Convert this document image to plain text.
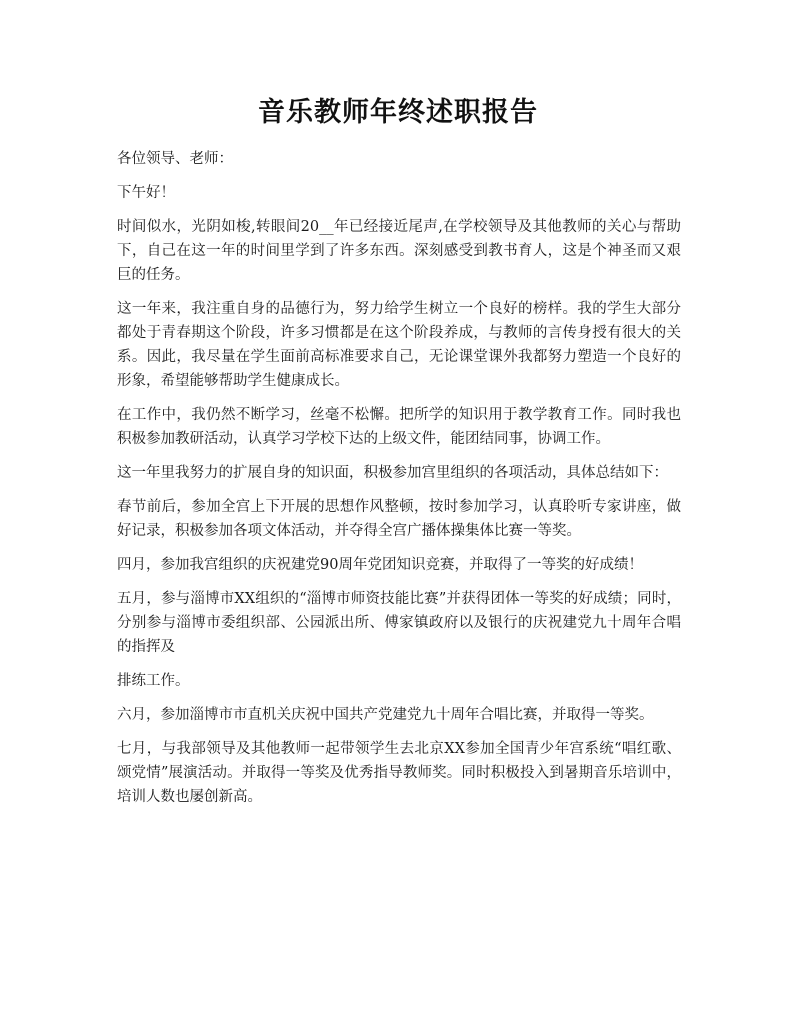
音乐教师年终述职报告

各位领导、老师：

下午好！

时间似水，光阴如梭,转眼间20__年已经接近尾声,在学校领导及其他教师的关心与帮助下，自己在这一年的时间里学到了许多东西。深刻感受到教书育人，这是个神圣而又艰巨的任务。

这一年来，我注重自身的品德行为，努力给学生树立一个良好的榜样。我的学生大部分都处于青春期这个阶段，许多习惯都是在这个阶段养成，与教师的言传身授有很大的关系。因此，我尽量在学生面前高标准要求自己，无论课堂课外我都努力塑造一个良好的形象，希望能够帮助学生健康成长。

在工作中，我仍然不断学习，丝毫不松懈。把所学的知识用于教学教育工作。同时我也积极参加教研活动，认真学习学校下达的上级文件，能团结同事，协调工作。

这一年里我努力的扩展自身的知识面，积极参加宫里组织的各项活动，具体总结如下：

春节前后，参加全宫上下开展的思想作风整顿，按时参加学习，认真聆听专家讲座，做好记录，积极参加各项文体活动，并夺得全宫广播体操集体比赛一等奖。

四月，参加我宫组织的庆祝建党90周年党团知识竞赛，并取得了一等奖的好成绩！

五月，参与淄博市XX组织的“淄博市师资技能比赛”并获得团体一等奖的好成绩；同时，分别参与淄博市委组织部、公园派出所、傅家镇政府以及银行的庆祝建党九十周年合唱的指挥及

排练工作。

六月，参加淄博市市直机关庆祝中国共产党建党九十周年合唱比赛，并取得一等奖。

七月，与我部领导及其他教师一起带领学生去北京XX参加全国青少年宫系统“唱红歌、颂党情”展演活动。并取得一等奖及优秀指导教师奖。同时积极投入到暑期音乐培训中，培训人数也屡创新高。
